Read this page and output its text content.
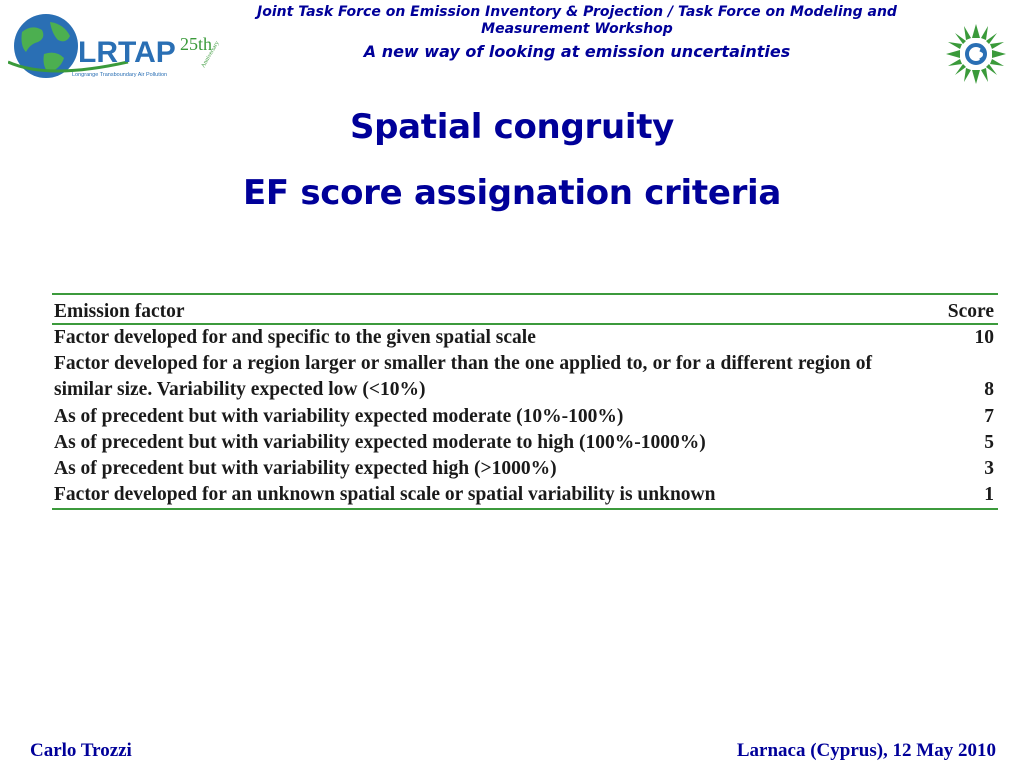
LRTAP 25th
Anniversary
Longrange Transboundary Air Pollution
Joint Task Force on Emission Inventory & Projection / Task Force on Modeling and Measurement Workshop
A new way of looking at emission uncertainties
Spatial congruity
EF score assignation criteria
Emission factor	Score
Factor developed for and specific to the given spatial scale	10
Factor developed for a region larger or smaller than the one applied to, or for a different region of similar size. Variability expected low (<10%)	8
As of precedent but with variability expected moderate (10%-100%)	7
As of precedent but with variability expected moderate to high (100%-1000%)	5
As of precedent but with variability expected high (>1000%)	3
Factor developed for an unknown spatial scale or spatial variability is unknown	1
Carlo Trozzi	Larnaca (Cyprus), 12 May 2010
